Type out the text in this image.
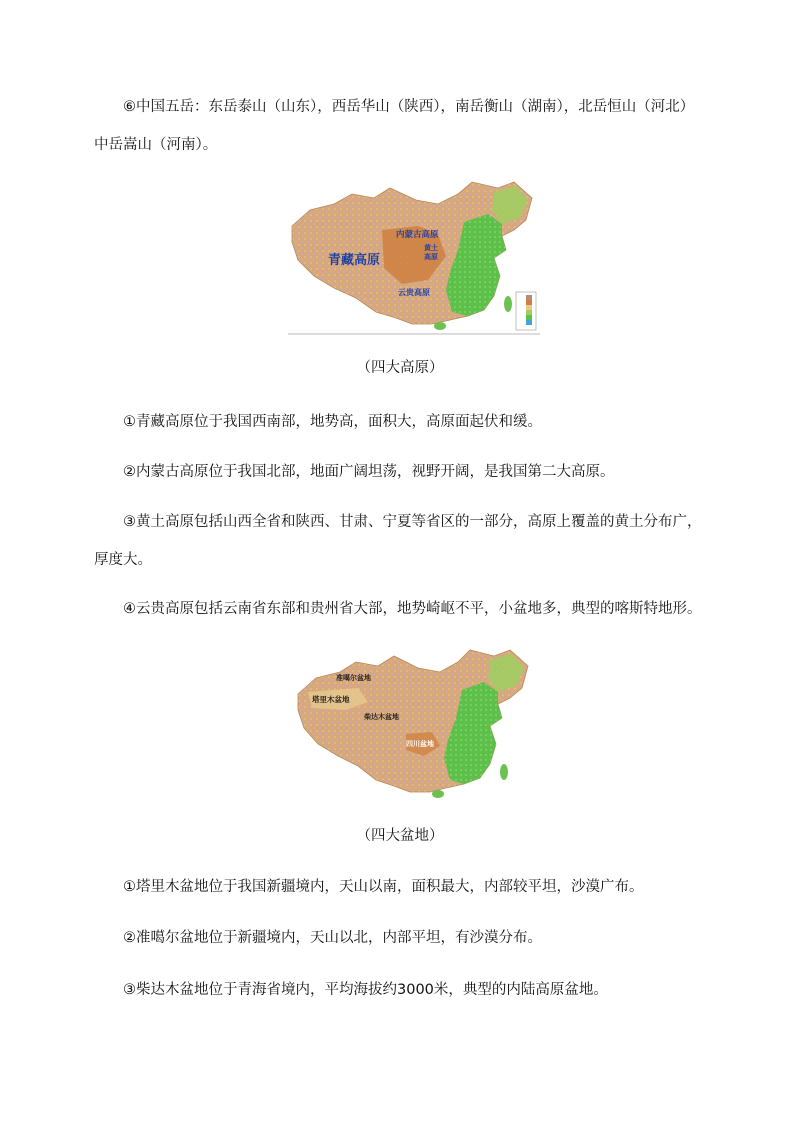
⑥中国五岳：东岳泰山（山东），西岳华山（陕西），南岳衡山（湖南），北岳恒山（河北）中岳嵩山（河南）。

内蒙古高原
青藏高原
黄土
高原
云贵高原
（四大高原）

①青藏高原位于我国西南部，地势高，面积大，高原面起伏和缓。

②内蒙古高原位于我国北部，地面广阔坦荡，视野开阔，是我国第二大高原。

③黄土高原包括山西全省和陕西、甘肃、宁夏等省区的一部分，高原上覆盖的黄土分布广，厚度大。

④云贵高原包括云南省东部和贵州省大部，地势崎岖不平，小盆地多，典型的喀斯特地形。

准噶尔盆地
塔里木盆地
柴达木盆地
四川盆地
（四大盆地）

①塔里木盆地位于我国新疆境内，天山以南，面积最大，内部较平坦，沙漠广布。

②准噶尔盆地位于新疆境内，天山以北，内部平坦，有沙漠分布。

③柴达木盆地位于青海省境内，平均海拔约3000米，典型的内陆高原盆地。
